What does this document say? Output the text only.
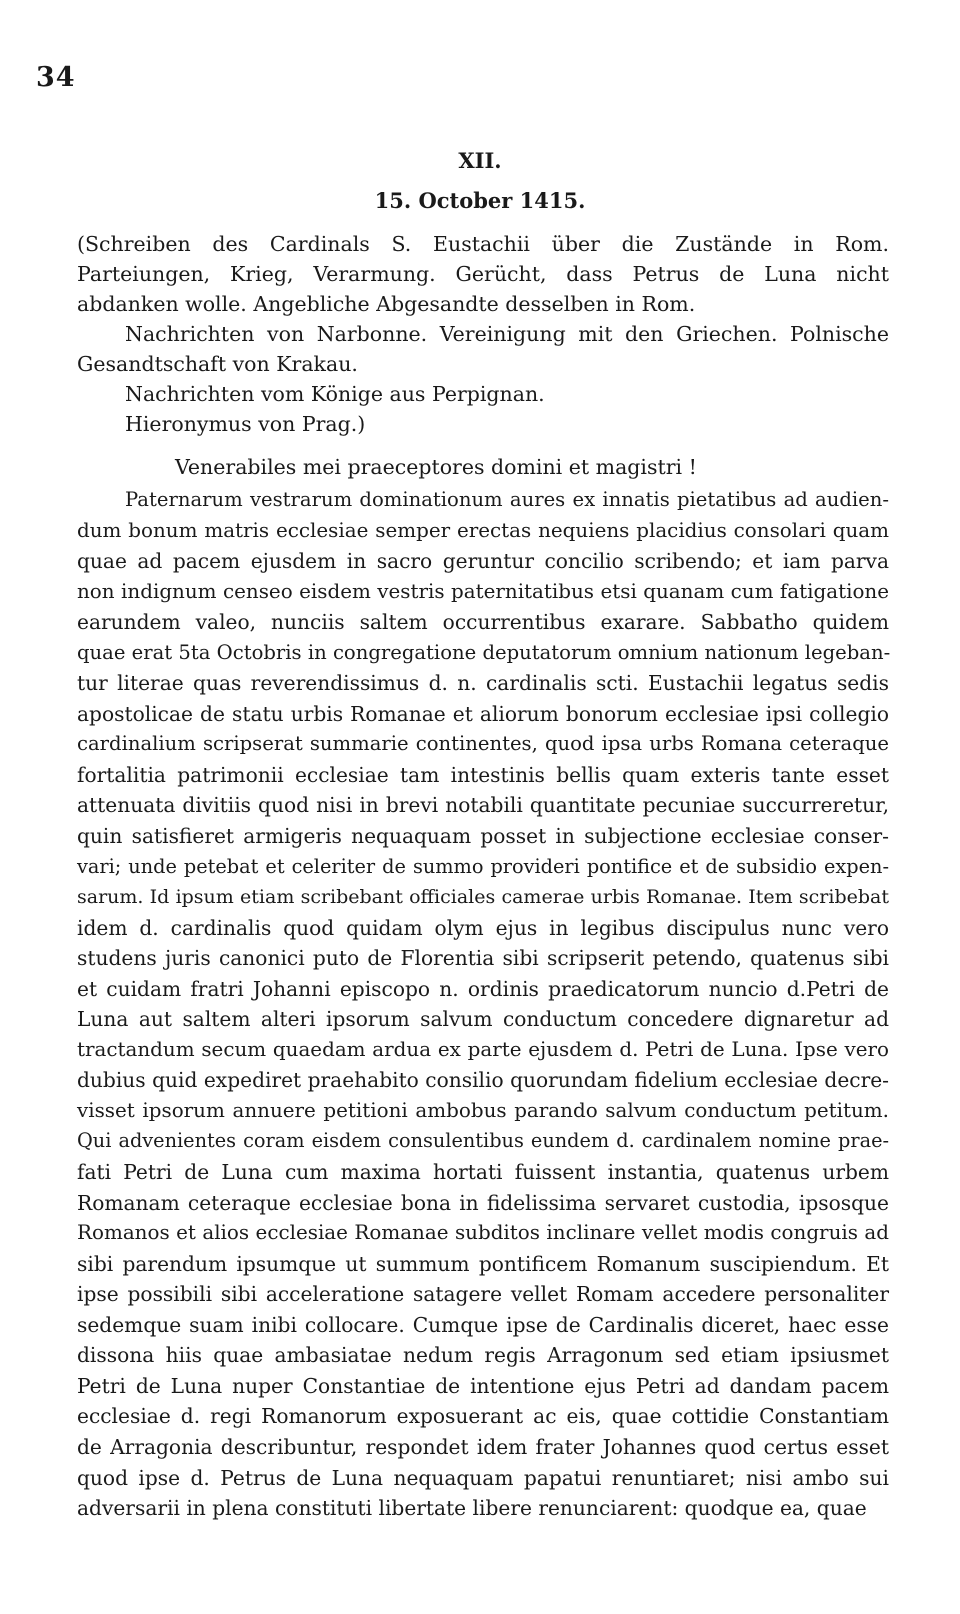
34
XII.
15. October 1415.

(Schreiben des Cardinals S. Eustachii über die Zustände in Rom. Parteiungen, Krieg, Verarmung. Gerücht, dass Petrus de Luna nicht abdanken wolle. Angebliche Abgesandte desselben in Rom.

Nachrichten von Narbonne. Vereinigung mit den Griechen. Polnische Gesandtschaft von Krakau.

Nachrichten vom Könige aus Perpignan.

Hieronymus von Prag.)

Venerabiles mei praeceptores domini et magistri !
Paternarum vestrarum dominationum aures ex innatis pietatibus ad audien-
dum bonum matris ecclesiae semper erectas nequiens placidius consolari quam
quae ad pacem ejusdem in sacro geruntur concilio scribendo; et iam parva
non indignum censeo eisdem vestris paternitatibus etsi quanam cum fatigatione
earundem valeo, nunciis saltem occurrentibus exarare. Sabbatho quidem
quae erat 5ta Octobris in congregatione deputatorum omnium nationum legeban-
tur literae quas reverendissimus d. n. cardinalis scti. Eustachii legatus sedis
apostolicae de statu urbis Romanae et aliorum bonorum ecclesiae ipsi collegio
cardinalium scripserat summarie continentes, quod ipsa urbs Romana ceteraque
fortalitia patrimonii ecclesiae tam intestinis bellis quam exteris tante esset
attenuata divitiis quod nisi in brevi notabili quantitate pecuniae succurreretur,
quin satisfieret armigeris nequaquam posset in subjectione ecclesiae conser-
vari; unde petebat et celeriter de summo provideri pontifice et de subsidio expen-
sarum. Id ipsum etiam scribebant officiales camerae urbis Romanae. Item scribebat
idem d. cardinalis quod quidam olym ejus in legibus discipulus nunc vero
studens juris canonici puto de Florentia sibi scripserit petendo, quatenus sibi
et cuidam fratri Johanni episcopo n. ordinis praedicatorum nuncio d.Petri de
Luna aut saltem alteri ipsorum salvum conductum concedere dignaretur ad
tractandum secum quaedam ardua ex parte ejusdem d. Petri de Luna. Ipse vero
dubius quid expediret praehabito consilio quorundam fidelium ecclesiae decre-
visset ipsorum annuere petitioni ambobus parando salvum conductum petitum.
Qui advenientes coram eisdem consulentibus eundem d. cardinalem nomine prae-
fati Petri de Luna cum maxima hortati fuissent instantia, quatenus urbem
Romanam ceteraque ecclesiae bona in fidelissima servaret custodia, ipsosque
Romanos et alios ecclesiae Romanae subditos inclinare vellet modis congruis ad
sibi parendum ipsumque ut summum pontificem Romanum suscipiendum. Et
ipse possibili sibi acceleratione satagere vellet Romam accedere personaliter
sedemque suam inibi collocare. Cumque ipse de Cardinalis diceret, haec esse
dissona hiis quae ambasiatae nedum regis Arragonum sed etiam ipsiusmet
Petri de Luna nuper Constantiae de intentione ejus Petri ad dandam pacem
ecclesiae d. regi Romanorum exposuerant ac eis, quae cottidie Constantiam
de Arragonia describuntur, respondet idem frater Johannes quod certus esset
quod ipse d. Petrus de Luna nequaquam papatui renuntiaret; nisi ambo sui
adversarii in plena constituti libertate libere renunciarent: quodque ea, quae
